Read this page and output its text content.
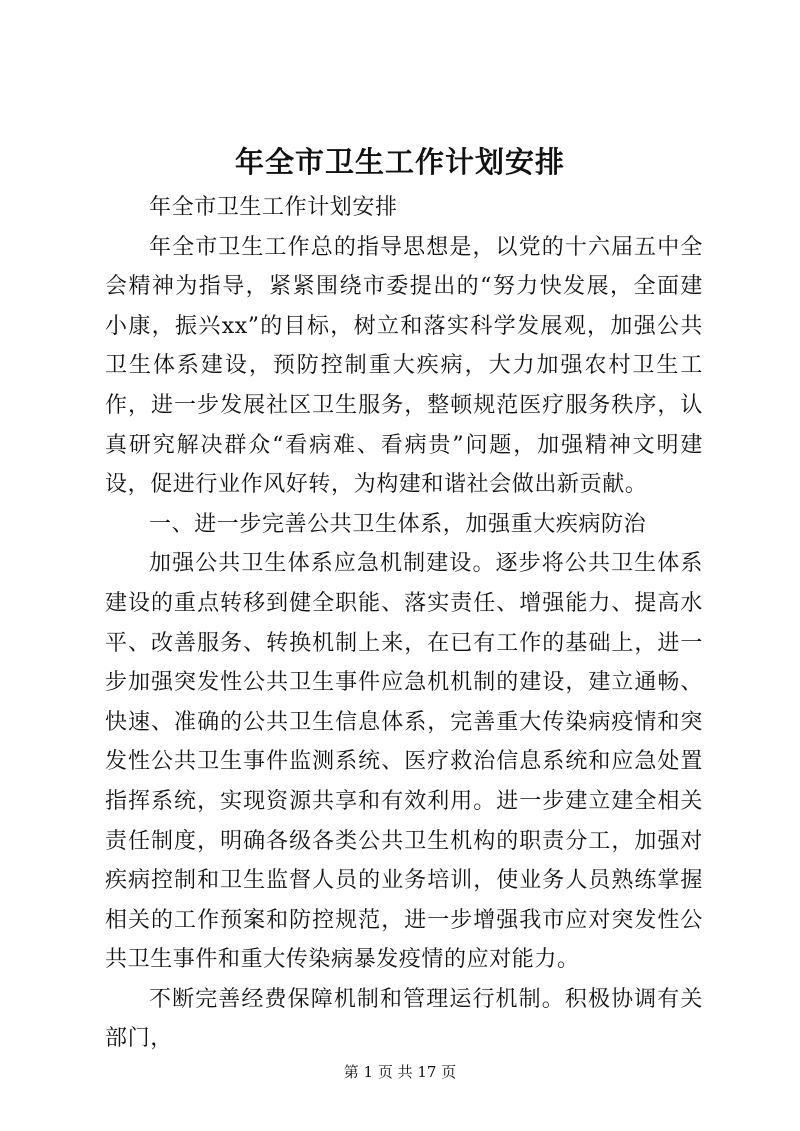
年全市卫生工作计划安排

年全市卫生工作计划安排

年全市卫生工作总的指导思想是，以党的十六届五中全会精神为指导，紧紧围绕市委提出的“努力快发展，全面建小康，振兴xx”的目标，树立和落实科学发展观，加强公共卫生体系建设，预防控制重大疾病，大力加强农村卫生工作，进一步发展社区卫生服务，整顿规范医疗服务秩序，认真研究解决群众“看病难、看病贵”问题，加强精神文明建设，促进行业作风好转，为构建和谐社会做出新贡献。

一、进一步完善公共卫生体系，加强重大疾病防治

加强公共卫生体系应急机制建设。逐步将公共卫生体系建设的重点转移到健全职能、落实责任、增强能力、提高水平、改善服务、转换机制上来，在已有工作的基础上，进一步加强突发性公共卫生事件应急机机制的建设，建立通畅、快速、准确的公共卫生信息体系，完善重大传染病疫情和突发性公共卫生事件监测系统、医疗救治信息系统和应急处置指挥系统，实现资源共享和有效利用。进一步建立建全相关责任制度，明确各级各类公共卫生机构的职责分工，加强对疾病控制和卫生监督人员的业务培训，使业务人员熟练掌握相关的工作预案和防控规范，进一步增强我市应对突发性公共卫生事件和重大传染病暴发疫情的应对能力。

不断完善经费保障机制和管理运行机制。积极协调有关部门，

第 1 页 共 17 页
